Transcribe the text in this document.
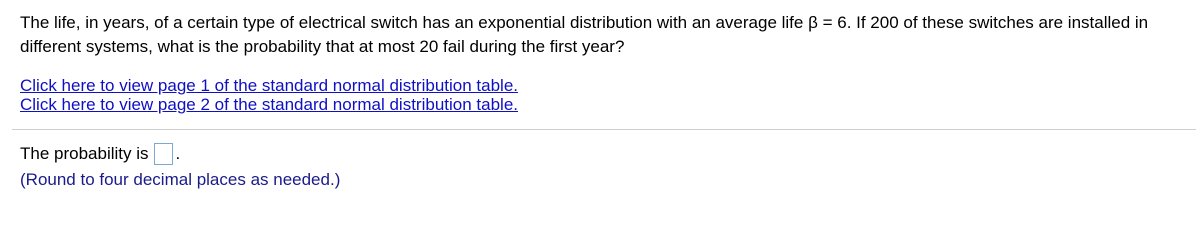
The life, in years, of a certain type of electrical switch has an exponential distribution with an average life β = 6. If 200 of these switches are installed in different systems, what is the probability that at most 20 fail during the first year?
Click here to view page 1 of the standard normal distribution table.
Click here to view page 2 of the standard normal distribution table.
The probability is .
(Round to four decimal places as needed.)
